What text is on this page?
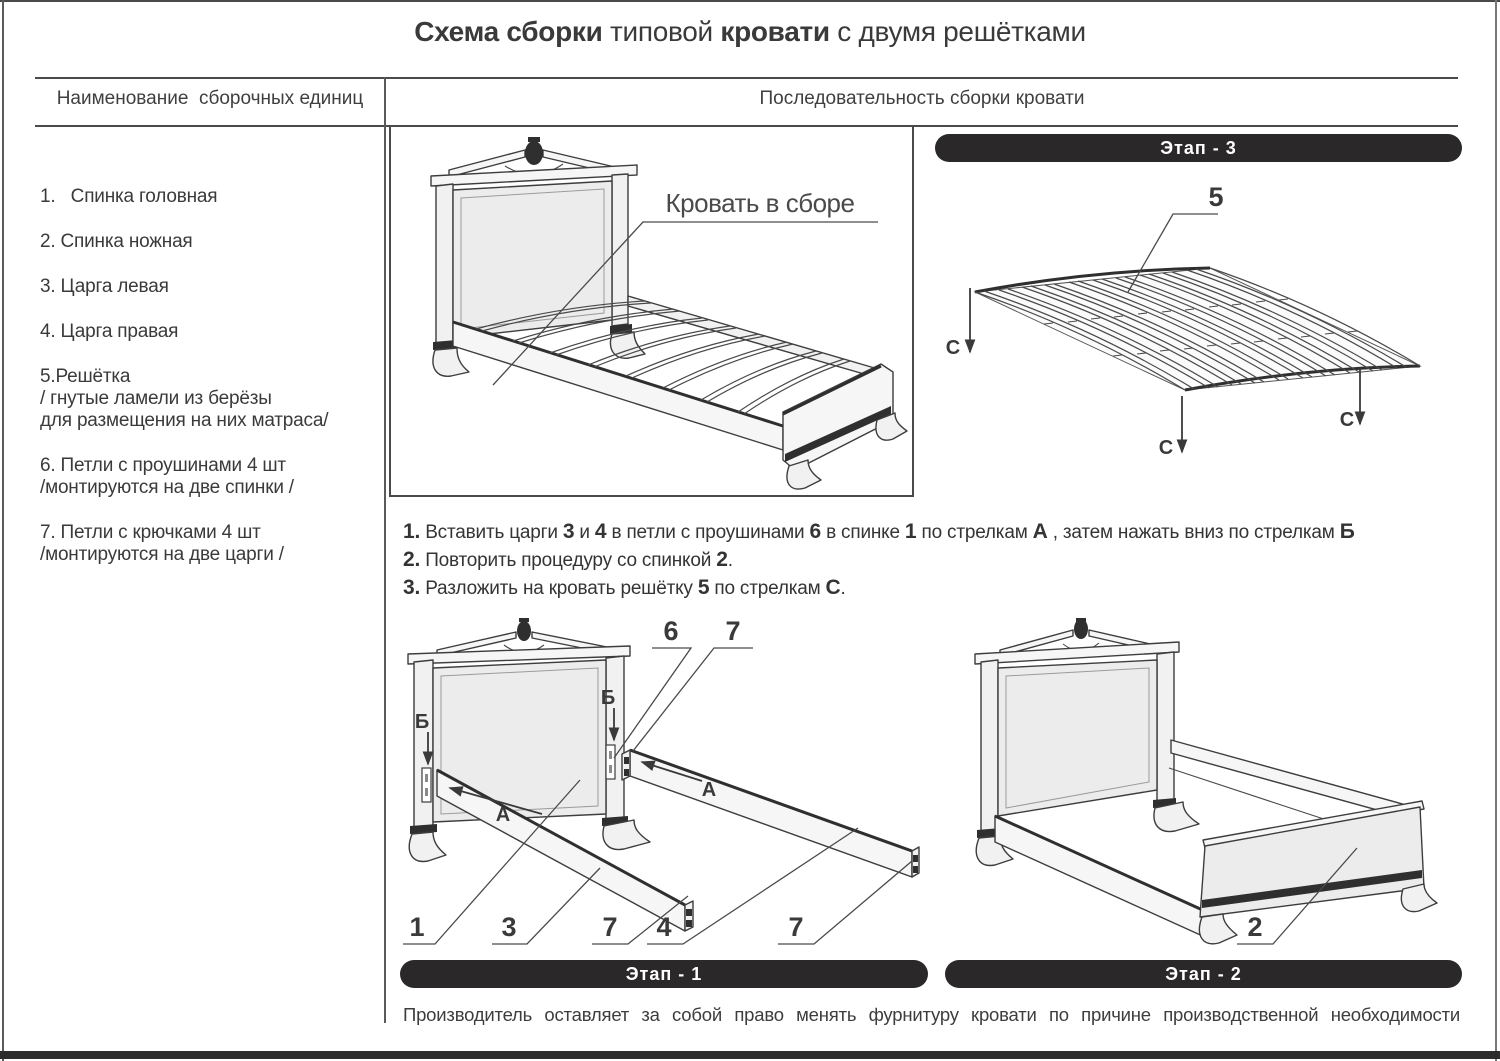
Схема сборки типовой кровати с двумя решётками
Наименование  сборочных единиц	Последовательность сборки кровати
1.   Спинка головная
2. Спинка ножная
3. Царга левая
4. Царга правая
5.Решётка
/ гнутые ламели из берёзы
для размещения на них матраса/
6. Петли с проушинами 4 шт
/монтируются на две спинки /
7. Петли с крючками 4 шт
/монтируются на две царги /
Кровать в сборе
Этап - 3
5
С
С
С
1. Вставить царги 3 и 4 в петли с проушинами 6 в спинке 1 по стрелкам А , затем нажать вниз по стрелкам Б
2. Повторить процедуру со спинкой 2.
3. Разложить на кровать решётку 5 по стрелкам С.
Б
Б
А
А
6 7
1	3	7 4	7	2
Этап - 1	Этап - 2
Производитель оставляет за собой право менять фурнитуру кровати по причине производственной необходимости
